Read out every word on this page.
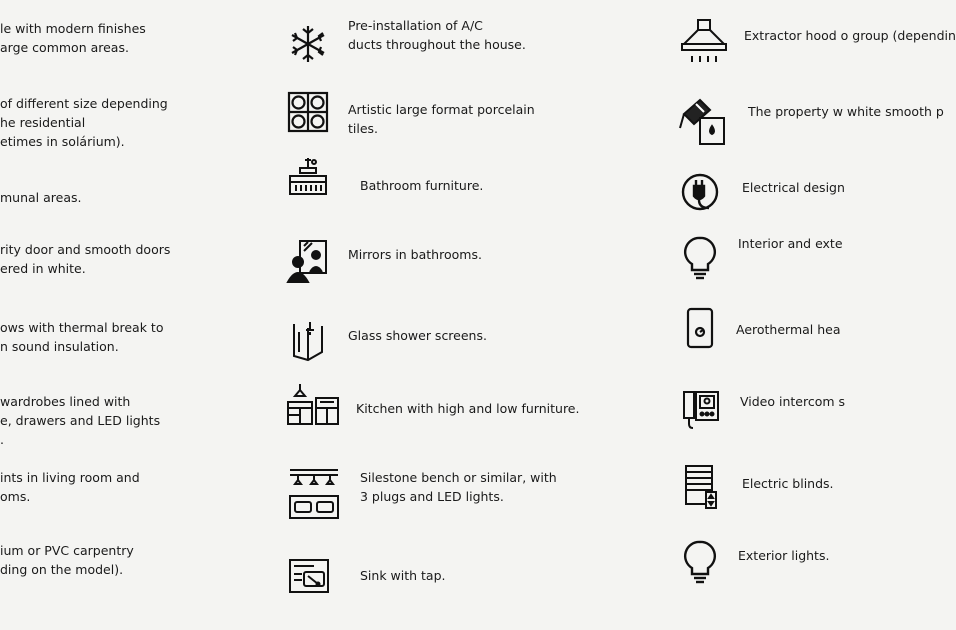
le with modern finishes
arge common areas.
of different size depending
he residential
etimes in solárium).
munal areas.
rity door and smooth doors
ered in white.
ows with thermal break to
n sound insulation.
wardrobes lined with
e, drawers and LED lights
.
ints in living room and
oms.
ium or PVC carpentry
ding on the model).
Pre-installation of A/C
ducts throughout the house.
Artistic large format porcelain
tiles.
Bathroom furniture.
Mirrors in bathrooms.
Glass shower screens.
Kitchen with high and low furniture.
Silestone bench or similar, with
3 plugs and LED lights.
Sink with tap.
Extractor hood o group (dependin
The property w white smooth p
Electrical design
Interior and exte
Aerothermal hea
Video intercom s
Electric blinds.
Exterior lights.
